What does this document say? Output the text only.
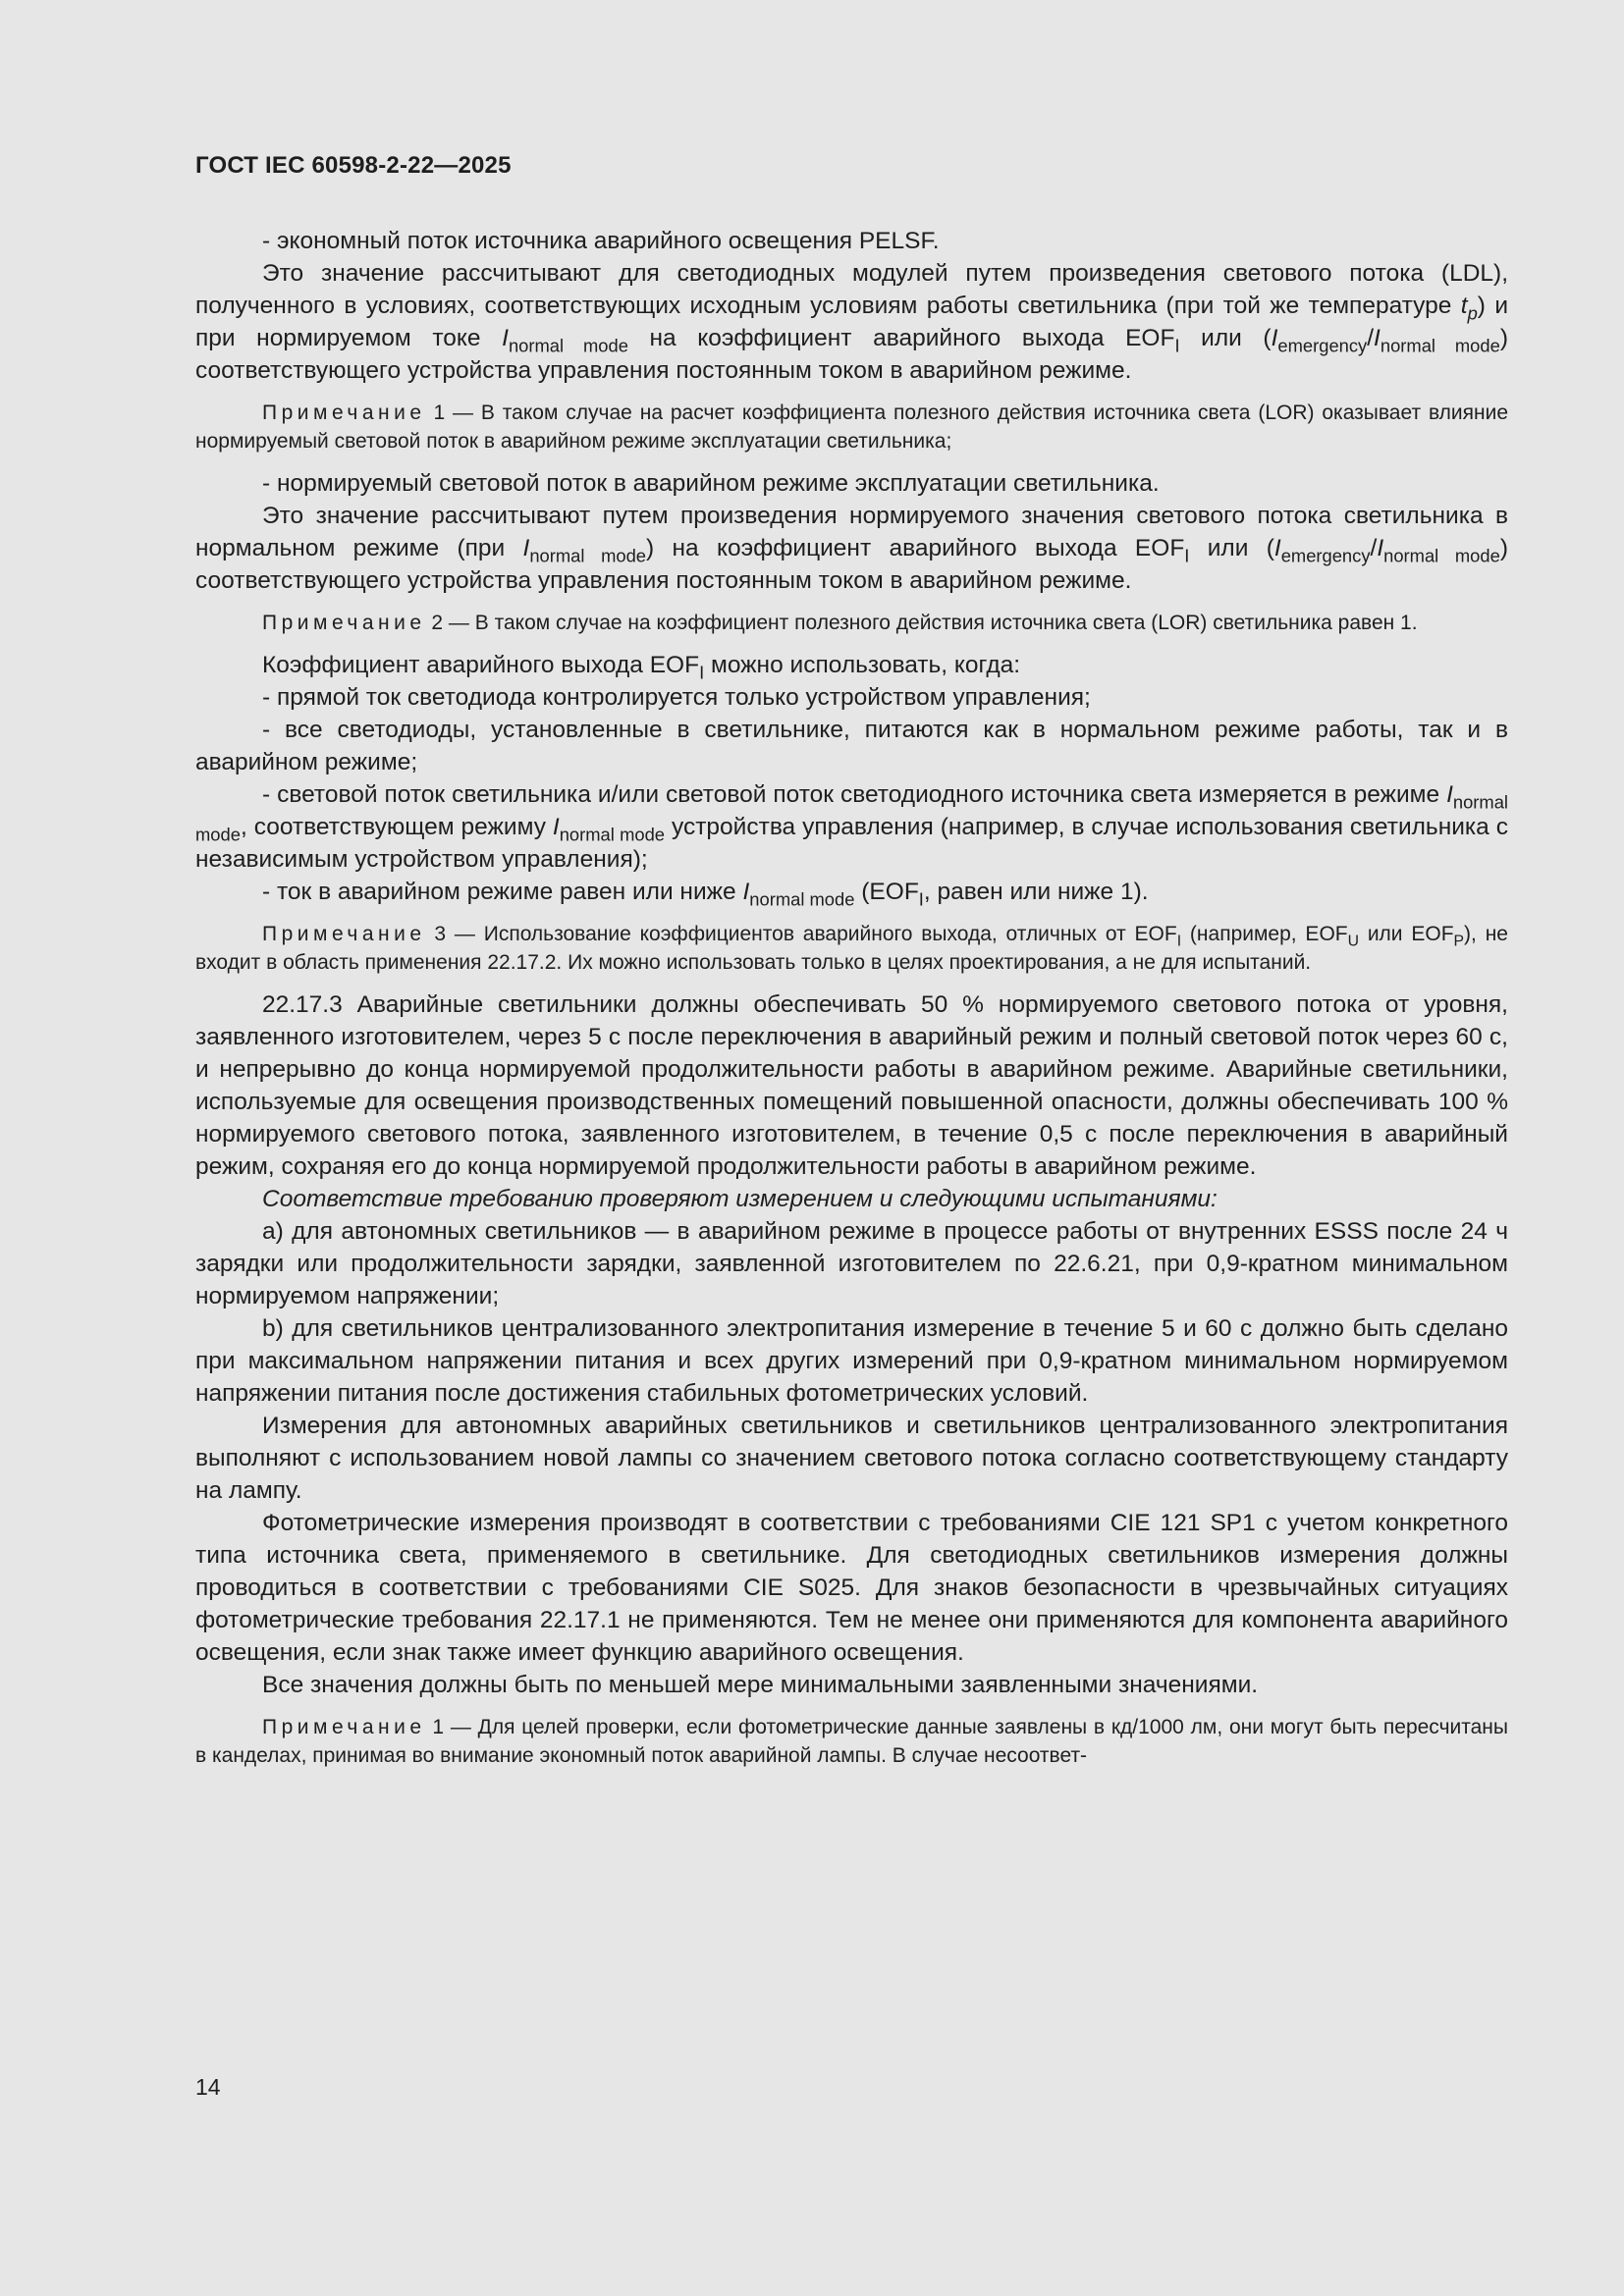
ГОСТ IEC 60598-2-22—2025

- экономный поток источника аварийного освещения PELSF.

Это значение рассчитывают для светодиодных модулей путем произведения светового потока (LDL), полученного в условиях, соответствующих исходным условиям работы светильника (при той же температуре $t_p$) и при нормируемом токе $I_{normal mode}$ на коэффициент аварийного выхода $EOF_I$ или $(I_{emergency}/I_{normal mode})$ соответствующего устройства управления постоянным током в аварийном режиме.

Примечание 1 — В таком случае на расчет коэффициента полезного действия источника света (LOR) оказывает влияние нормируемый световой поток в аварийном режиме эксплуатации светильника;

- нормируемый световой поток в аварийном режиме эксплуатации светильника.

Это значение рассчитывают путем произведения нормируемого значения светового потока светильника в нормальном режиме (при $I_{normal mode}$) на коэффициент аварийного выхода $EOF_I$ или $(I_{emergency}/I_{normal mode})$ соответствующего устройства управления постоянным током в аварийном режиме.

Примечание 2 — В таком случае на коэффициент полезного действия источника света (LOR) светильника равен 1.

Коэффициент аварийного выхода $EOF_I$ можно использовать, когда:

- прямой ток светодиода контролируется только устройством управления;

- все светодиоды, установленные в светильнике, питаются как в нормальном режиме работы, так и в аварийном режиме;

- световой поток светильника и/или световой поток светодиодного источника света измеряется в режиме $I_{normal mode}$, соответствующем режиму $I_{normal mode}$ устройства управления (например, в случае использования светильника с независимым устройством управления);

- ток в аварийном режиме равен или ниже $I_{normal mode}$ ($EOF_I$, равен или ниже 1).

Примечание 3 — Использование коэффициентов аварийного выхода, отличных от $EOF_I$ (например, $EOF_U$ или $EOF_P$), не входит в область применения 22.17.2. Их можно использовать только в целях проектирования, а не для испытаний.

22.17.3 Аварийные светильники должны обеспечивать 50 % нормируемого светового потока от уровня, заявленного изготовителем, через 5 с после переключения в аварийный режим и полный световой поток через 60 с, и непрерывно до конца нормируемой продолжительности работы в аварийном режиме. Аварийные светильники, используемые для освещения производственных помещений повышенной опасности, должны обеспечивать 100 % нормируемого светового потока, заявленного изготовителем, в течение 0,5 с после переключения в аварийный режим, сохраняя его до конца нормируемой продолжительности работы в аварийном режиме.

Соответствие требованию проверяют измерением и следующими испытаниями:

а) для автономных светильников — в аварийном режиме в процессе работы от внутренних ESSS после 24 ч зарядки или продолжительности зарядки, заявленной изготовителем по 22.6.21, при 0,9-кратном минимальном нормируемом напряжении;

b) для светильников централизованного электропитания измерение в течение 5 и 60 с должно быть сделано при максимальном напряжении питания и всех других измерений при 0,9-кратном минимальном нормируемом напряжении питания после достижения стабильных фотометрических условий.

Измерения для автономных аварийных светильников и светильников централизованного электропитания выполняют с использованием новой лампы со значением светового потока согласно соответствующему стандарту на лампу.

Фотометрические измерения производят в соответствии с требованиями CIE 121 SP1 с учетом конкретного типа источника света, применяемого в светильнике. Для светодиодных светильников измерения должны проводиться в соответствии с требованиями CIE S025. Для знаков безопасности в чрезвычайных ситуациях фотометрические требования 22.17.1 не применяются. Тем не менее они применяются для компонента аварийного освещения, если знак также имеет функцию аварийного освещения.

Все значения должны быть по меньшей мере минимальными заявленными значениями.

Примечание 1 — Для целей проверки, если фотометрические данные заявлены в кд/1000 лм, они могут быть пересчитаны в канделах, принимая во внимание экономный поток аварийной лампы. В случае несоответ-

14
